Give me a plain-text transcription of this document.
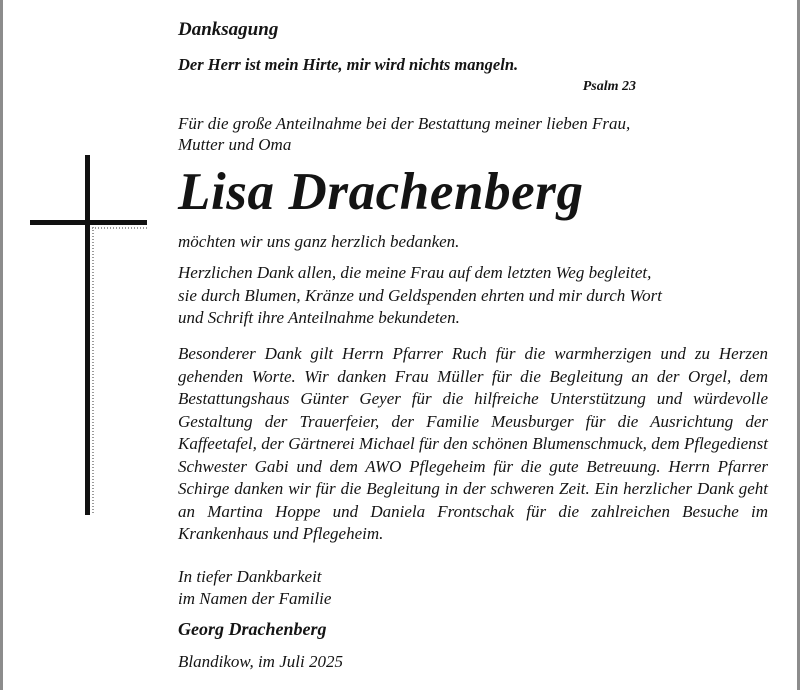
Danksagung
Der Herr ist mein Hirte, mir wird nichts mangeln.
Psalm 23
Für die große Anteilnahme bei der Bestattung meiner lieben Frau,
Mutter und Oma
Lisa Drachenberg
möchten wir uns ganz herzlich bedanken.
Herzlichen Dank allen, die meine Frau auf dem letzten Weg begleitet,
sie durch Blumen, Kränze und Geldspenden ehrten und mir durch Wort
und Schrift ihre Anteilnahme bekundeten.
Besonderer Dank gilt Herrn Pfarrer Ruch für die warmherzigen und zu Herzen gehenden Worte. Wir danken Frau Müller für die Begleitung an der Orgel, dem Bestattungshaus Günter Geyer für die hilfreiche Unterstützung und würdevolle Gestaltung der Trauerfeier, der Familie Meusburger für die Ausrichtung der Kaffeetafel, der Gärtnerei Michael für den schönen Blumenschmuck, dem Pflegedienst Schwester Gabi und dem AWO Pflegeheim für die gute Betreuung. Herrn Pfarrer Schirge danken wir für die Begleitung in der schweren Zeit. Ein herzlicher Dank geht an Martina Hoppe und Daniela Frontschak für die zahlreichen Besuche im Krankenhaus und Pflegeheim.
In tiefer Dankbarkeit
im Namen der Familie
Georg Drachenberg
Blandikow, im Juli 2025
